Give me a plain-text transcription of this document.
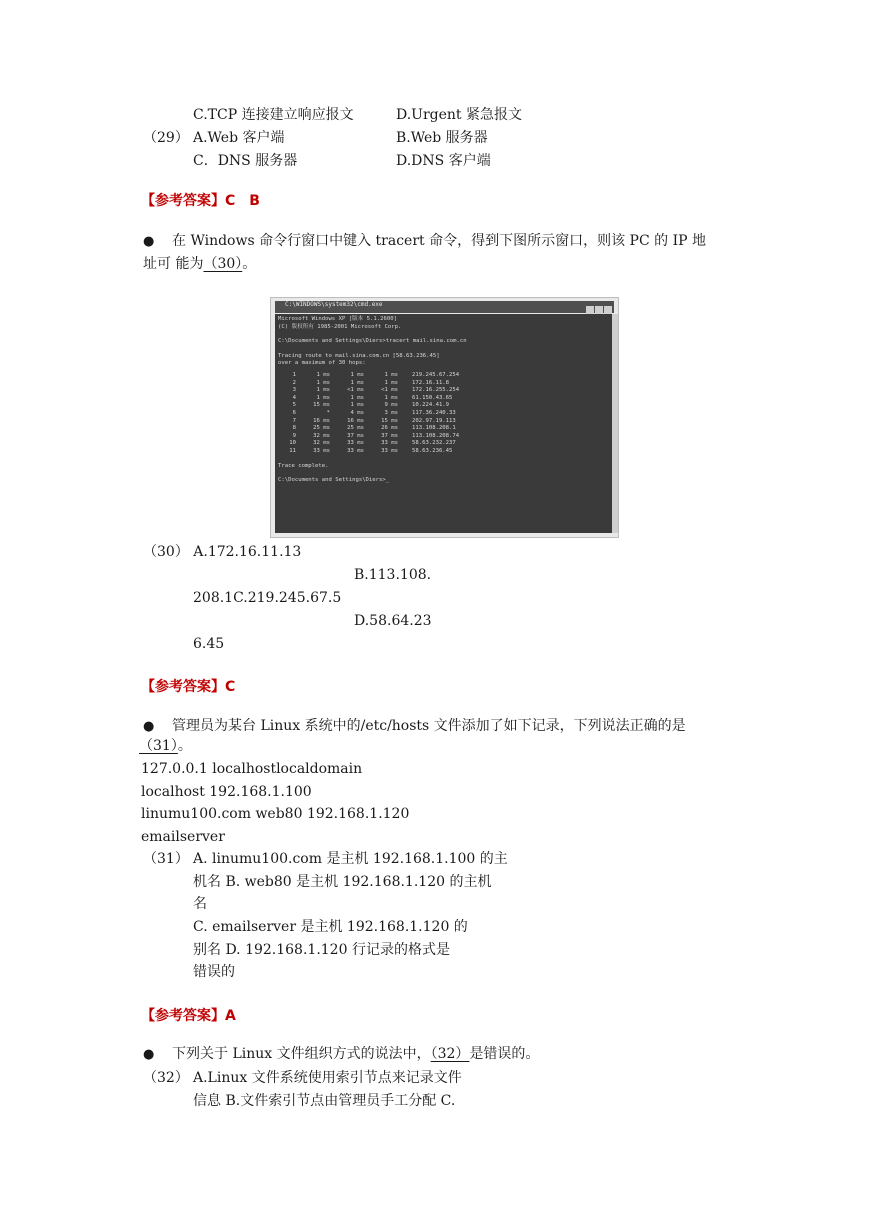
C.TCP 连接建立响应报文	D.Urgent 紧急报文
（29） A.Web 客户端	B.Web 服务器
C．DNS 服务器	D.DNS 客户端
【参考答案】C　B
● 在 Windows 命令行窗口中键入 tracert 命令，得到下图所示窗口，则该 PC 的 IP 地
址可 能为（30）。
C:\WINDOWS\system32\cmd.exe
Microsoft Windows XP [版本 5.1.2600]
(C) 版权所有 1985-2001 Microsoft Corp.
C:\Documents and Settings\Diers>tracert mail.sina.com.cn
Tracing route to mail.sina.com.cn [58.63.236.45]
over a maximum of 30 hops:
1	1 ms	1 ms	1 ms	219.245.67.254
2	1 ms	1 ms	1 ms	172.16.11.8
3	1 ms	<1 ms	<1 ms	172.16.255.254
4	1 ms	1 ms	1 ms	61.150.43.65
5	15 ms	1 ms	9 ms	10.224.41.9
6	*	4 ms	3 ms	117.36.240.33
7	16 ms	16 ms	15 ms	202.97.19.113
8	25 ms	25 ms	26 ms	113.108.208.1
9	32 ms	37 ms	37 ms	113.108.208.74
10	32 ms	33 ms	33 ms	58.63.232.237
11	33 ms	33 ms	33 ms	58.63.236.45
Trace complete.
C:\Documents and Settings\Diers>_
（30） A.172.16.11.13
B.113.108.
208.1C.219.245.67.5
D.58.64.23
6.45
【参考答案】C
● 管理员为某台 Linux 系统中的/etc/hosts 文件添加了如下记录，下列说法正确的是
（31）。
127.0.0.1 localhostlocaldomain
localhost 192.168.1.100
linumu100.com web80 192.168.1.120
emailserver
（31） A. linumu100.com 是主机 192.168.1.100 的主
机名 B. web80 是主机 192.168.1.120 的主机
名
C. emailserver 是主机 192.168.1.120 的
别名 D. 192.168.1.120 行记录的格式是
错误的
【参考答案】A
● 下列关于 Linux 文件组织方式的说法中，（32）是错误的。
（32） A.Linux 文件系统使用索引节点来记录文件
信息 B.文件索引节点由管理员手工分配 C.
